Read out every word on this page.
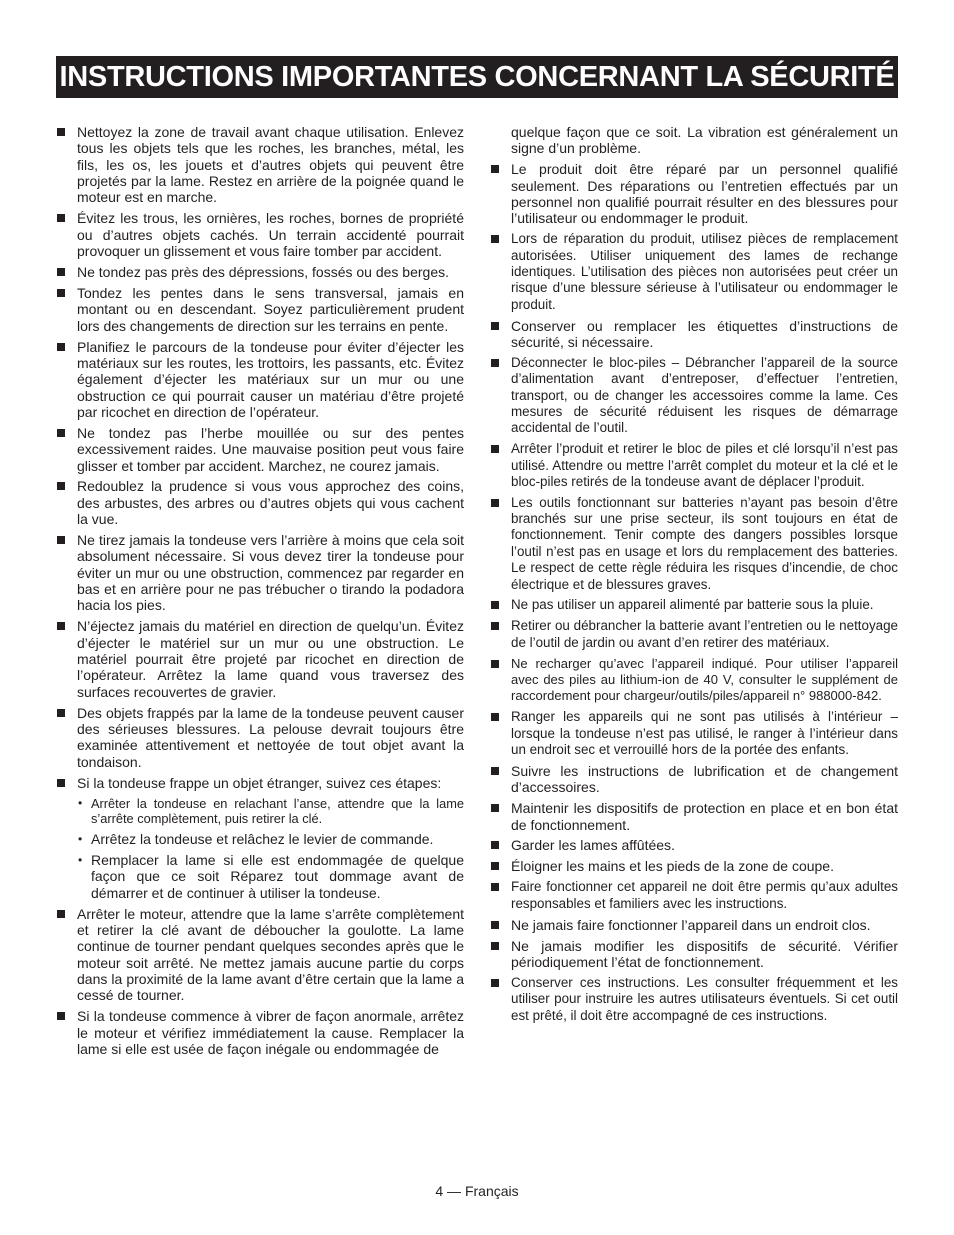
INSTRUCTIONS IMPORTANTES CONCERNANT LA SÉCURITÉ
Nettoyez la zone de travail avant chaque utilisation. Enlevez tous les objets tels que les roches, les branches, métal, les fils, les os, les jouets et d’autres objets qui peuvent être projetés par la lame. Restez en arrière de la poignée quand le moteur est en marche.
Évitez les trous, les ornières, les roches, bornes de propriété ou d’autres objets cachés. Un terrain accidenté pourrait provoquer un glissement et vous faire tomber par accident.
Ne tondez pas près des dépressions, fossés ou des berges.
Tondez les pentes dans le sens transversal, jamais en montant ou en descendant. Soyez particulièrement prudent lors des changements de direction sur les terrains en pente.
Planifiez le parcours de la tondeuse pour éviter d’éjecter les matériaux sur les routes, les trottoirs, les passants, etc. Évitez également d’éjecter les matériaux sur un mur ou une obstruction ce qui pourrait causer un matériau d’être projeté par ricochet en direction de l’opérateur.
Ne tondez pas l’herbe mouillée ou sur des pentes excessivement raides. Une mauvaise position peut vous faire glisser et tomber par accident. Marchez, ne courez jamais.
Redoublez la prudence si vous vous approchez des coins, des arbustes, des arbres ou d’autres objets qui vous cachent la vue.
Ne tirez jamais la tondeuse vers l’arrière à moins que cela soit absolument nécessaire. Si vous devez tirer la tondeuse pour éviter un mur ou une obstruction, commencez par regarder en bas et en arrière pour ne pas trébucher o tirando la podadora hacia los pies.
N’éjectez jamais du matériel en direction de quelqu’un. Évitez d’éjecter le matériel sur un mur ou une obstruction. Le matériel pourrait être projeté par ricochet en direction de l’opérateur. Arrêtez la lame quand vous traversez des surfaces recouvertes de gravier.
Des objets frappés par la lame de la tondeuse peuvent causer des sérieuses blessures. La pelouse devrait toujours être examinée attentivement et nettoyée de tout objet avant la tondaison.
Si la tondeuse frappe un objet étranger, suivez ces étapes:
• Arrêter la tondeuse en relachant l’anse, attendre que la lame s’arrête complètement, puis retirer la clé.
• Arrêtez la tondeuse et relâchez le levier de commande.
• Remplacer la lame si elle est endommagée de quelque façon que ce soit Réparez tout dommage avant de démarrer et de continuer à utiliser la tondeuse.
Arrêter le moteur, attendre que la lame s’arrête complètement et retirer la clé avant de déboucher la goulotte. La lame continue de tourner pendant quelques secondes après que le moteur soit arrêté. Ne mettez jamais aucune partie du corps dans la proximité de la lame avant d’être certain que la lame a cessé de tourner.
Si la tondeuse commence à vibrer de façon anormale, arrêtez le moteur et vérifiez immédiatement la cause. Remplacer la lame si elle est usée de façon inégale ou endommagée de
quelque façon que ce soit. La vibration est généralement un signe d’un problème.
Le produit doit être réparé par un personnel qualifié seulement. Des réparations ou l’entretien effectués par un personnel non qualifié pourrait résulter en des blessures pour l’utilisateur ou endommager le produit.
Lors de réparation du produit, utilisez pièces de remplacement autorisées. Utiliser uniquement des lames de rechange identiques. L’utilisation des pièces non autorisées peut créer un risque d’une blessure sérieuse à l’utilisateur ou endommager le produit.
Conserver ou remplacer les étiquettes d’instructions de sécurité, si nécessaire.
Déconnecter le bloc-piles – Débrancher l’appareil de la source d’alimentation avant d’entreposer, d’effectuer l’entretien, transport, ou de changer les accessoires comme la lame. Ces mesures de sécurité réduisent les risques de démarrage accidental de l’outil.
Arrêter l’produit et retirer le bloc de piles et clé lorsqu’il n’est pas utilisé. Attendre ou mettre l’arrêt complet du moteur et la clé et le bloc-piles retirés de la tondeuse avant de déplacer l’produit.
Les outils fonctionnant sur batteries n’ayant pas besoin d’être branchés sur une prise secteur, ils sont toujours en état de fonctionnement. Tenir compte des dangers possibles lorsque l’outil n’est pas en usage et lors du remplacement des batteries. Le respect de cette règle réduira les risques d’incendie, de choc électrique et de blessures graves.
Ne pas utiliser un appareil alimenté par batterie sous la pluie.
Retirer ou débrancher la batterie avant l’entretien ou le nettoyage de l’outil de jardin ou avant d’en retirer des matériaux.
Ne recharger qu’avec l’appareil indiqué. Pour utiliser l’appareil avec des piles au lithium-ion de 40 V, consulter le supplément de raccordement pour chargeur/outils/piles/appareil n° 988000-842.
Ranger les appareils qui ne sont pas utilisés à l’intérieur – lorsque la tondeuse n’est pas utilisé, le ranger à l’intérieur dans un endroit sec et verrouillé hors de la portée des enfants.
Suivre les instructions de lubrification et de changement d’accessoires.
Maintenir les dispositifs de protection en place et en bon état de fonctionnement.
Garder les lames affûtées.
Éloigner les mains et les pieds de la zone de coupe.
Faire fonctionner cet appareil ne doit être permis qu’aux adultes responsables et familiers avec les instructions.
Ne jamais faire fonctionner l’appareil dans un endroit clos.
Ne jamais modifier les dispositifs de sécurité. Vérifier périodiquement l’état de fonctionnement.
Conserver ces instructions. Les consulter fréquemment et les utiliser pour instruire les autres utilisateurs éventuels. Si cet outil est prêté, il doit être accompagné de ces instructions.
4 — Français
